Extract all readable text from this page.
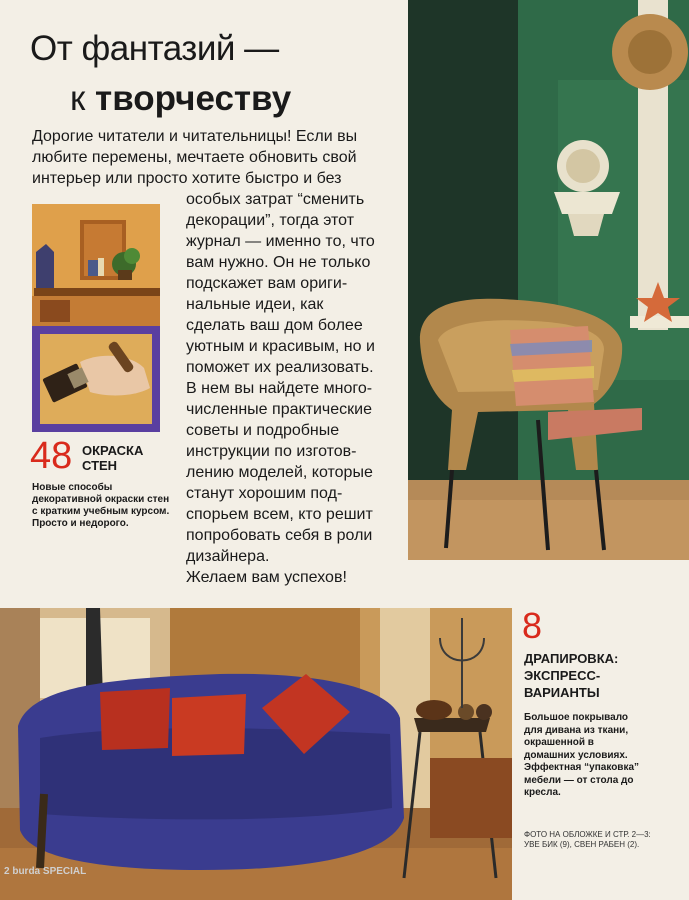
От фантазий —
к творчеству

Дорогие читатели и читательницы! Если вы
любите перемены, мечтаете обновить свой
интерьер или просто хотите быстро и без

особых затрат “сменить
декорации”, тогда этот
журнал — именно то, что
вам нужно. Он не только
подскажет вам ориги-
нальные идеи, как
сделать ваш дом более
уютным и красивым, но и
поможет их реализовать.
В нем вы найдете много-
численные практические
советы и подробные
инструкции по изготов-
лению моделей, которые
станут хорошим под-
спорьем всем, кто решит
попробовать себя в роли
дизайнера.
Желаем вам успехов!

48 ОКРАСКА
СТЕН
Новые способы
декоративной окраски стен
с кратким учебным курсом.
Просто и недорого.
8
ДРАПИРОВКА:
ЭКСПРЕСС-
ВАРИАНТЫ
Большое покрывало
для дивана из ткани,
окрашенной в
домашних условиях.
Эффектная “упаковка”
мебели — от стола до
кресла.
ФОТО НА ОБЛОЖКЕ И СТР. 2—3:
УВЕ БИК (9), СВЕН РАБЕН (2).
2 burda SPECIAL
